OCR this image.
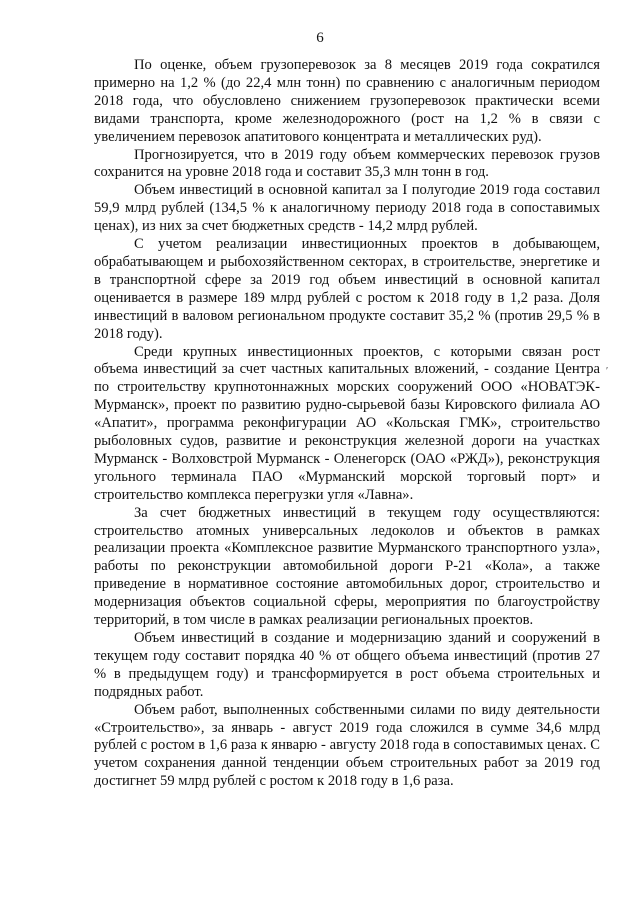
6

По оценке, объем грузоперевозок за 8 месяцев 2019 года сократился примерно на 1,2 % (до 22,4 млн тонн) по сравнению с аналогичным периодом 2018 года, что обусловлено снижением грузоперевозок практически всеми видами транспорта, кроме железнодорожного (рост на 1,2 % в связи с увеличением перевозок апатитового концентрата и металлических руд).

Прогнозируется, что в 2019 году объем коммерческих перевозок грузов сохранится на уровне 2018 года и составит 35,3 млн тонн в год.

Объем инвестиций в основной капитал за I полугодие 2019 года составил 59,9 млрд рублей (134,5 % к аналогичному периоду 2018 года в сопоставимых ценах), из них за счет бюджетных средств - 14,2 млрд рублей.

С учетом реализации инвестиционных проектов в добывающем, обрабатывающем и рыбохозяйственном секторах, в строительстве, энергетике и в транспортной сфере за 2019 год объем инвестиций в основной капитал оценивается в размере 189 млрд рублей с ростом к 2018 году в 1,2 раза. Доля инвестиций в валовом региональном продукте составит 35,2 % (против 29,5 % в 2018 году).

Среди крупных инвестиционных проектов, с которыми связан рост объема инвестиций за счет частных капитальных вложений, - создание Центра по строительству крупнотоннажных морских сооружений ООО «НОВАТЭК-Мурманск», проект по развитию рудно-сырьевой базы Кировского филиала АО «Апатит», программа реконфигурации АО «Кольская ГМК», строительство рыболовных судов, развитие и реконструкция железной дороги на участках Мурманск - Волховстрой Мурманск - Оленегорск (ОАО «РЖД»), реконструкция угольного терминала ПАО «Мурманский морской торговый порт» и строительство комплекса перегрузки угля «Лавна».

За счет бюджетных инвестиций в текущем году осуществляются: строительство атомных универсальных ледоколов и объектов в рамках реализации проекта «Комплексное развитие Мурманского транспортного узла», работы по реконструкции автомобильной дороги Р-21 «Кола», а также приведение в нормативное состояние автомобильных дорог, строительство и модернизация объектов социальной сферы, мероприятия по благоустройству территорий, в том числе в рамках реализации региональных проектов.

Объем инвестиций в создание и модернизацию зданий и сооружений в текущем году составит порядка 40 % от общего объема инвестиций (против 27 % в предыдущем году) и трансформируется в рост объема строительных и подрядных работ.

Объем работ, выполненных собственными силами по виду деятельности «Строительство», за январь - август 2019 года сложился в сумме 34,6 млрд рублей с ростом в 1,6 раза к январю - августу 2018 года в сопоставимых ценах. С учетом сохранения данной тенденции объем строительных работ за 2019 год достигнет 59 млрд рублей с ростом к 2018 году в 1,6 раза.

ʹ
